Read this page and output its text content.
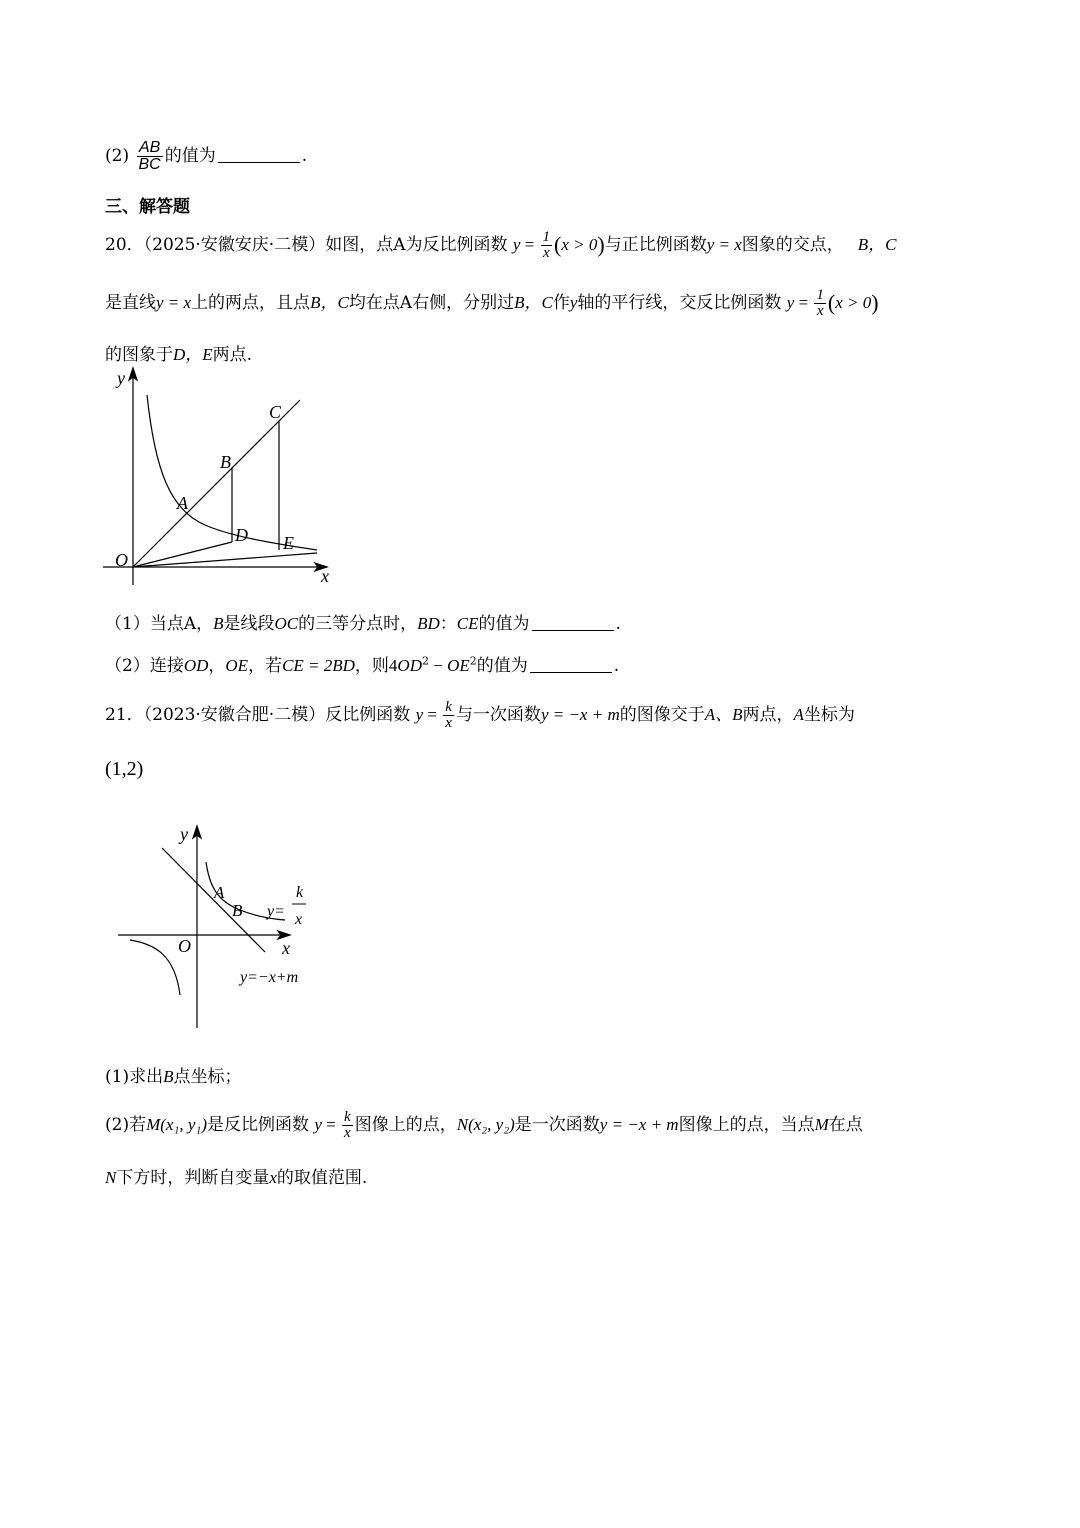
$(2) \frac{AB}{BC}$ 的值为	.
三、解答题
20．（2025·安徽安庆·二模）如图，点A为反比例函数 $y = \frac{1}{x} (x > 0)$与正比例函数y = x图象的交点， B，C
是直线y = x上的两点，且点B，C均在点A右侧，分别过B，C作y轴的平行线，交反比例函数 $y = \frac{1}{x} (x > 0)$
的图象于D，E两点.
y
x
O
A
B
C
D E
（1）当点A，B是线段OC的三等分点时，BD：CE的值为	.
（2）连接OD，OE，若CE = 2BD，则$4OD^2 - OE^2$的值为	.
21．（2023·安徽合肥·二模）反比例函数 $y = \frac{k}{x}$ 与一次函数y = −x + m的图像交于A、B两点，A坐标为
(1,2)
y
x
O
A
B y=
k
x
y=−x+m
(1)求出B点坐标；
(2)若M(x₁, y₁)是反比例函数 $y = \frac{k}{x}$ 图像上的点，N(x₂, y₂)是一次函数y = −x + m图像上的点，当点M在点
N下方时，判断自变量x的取值范围.
